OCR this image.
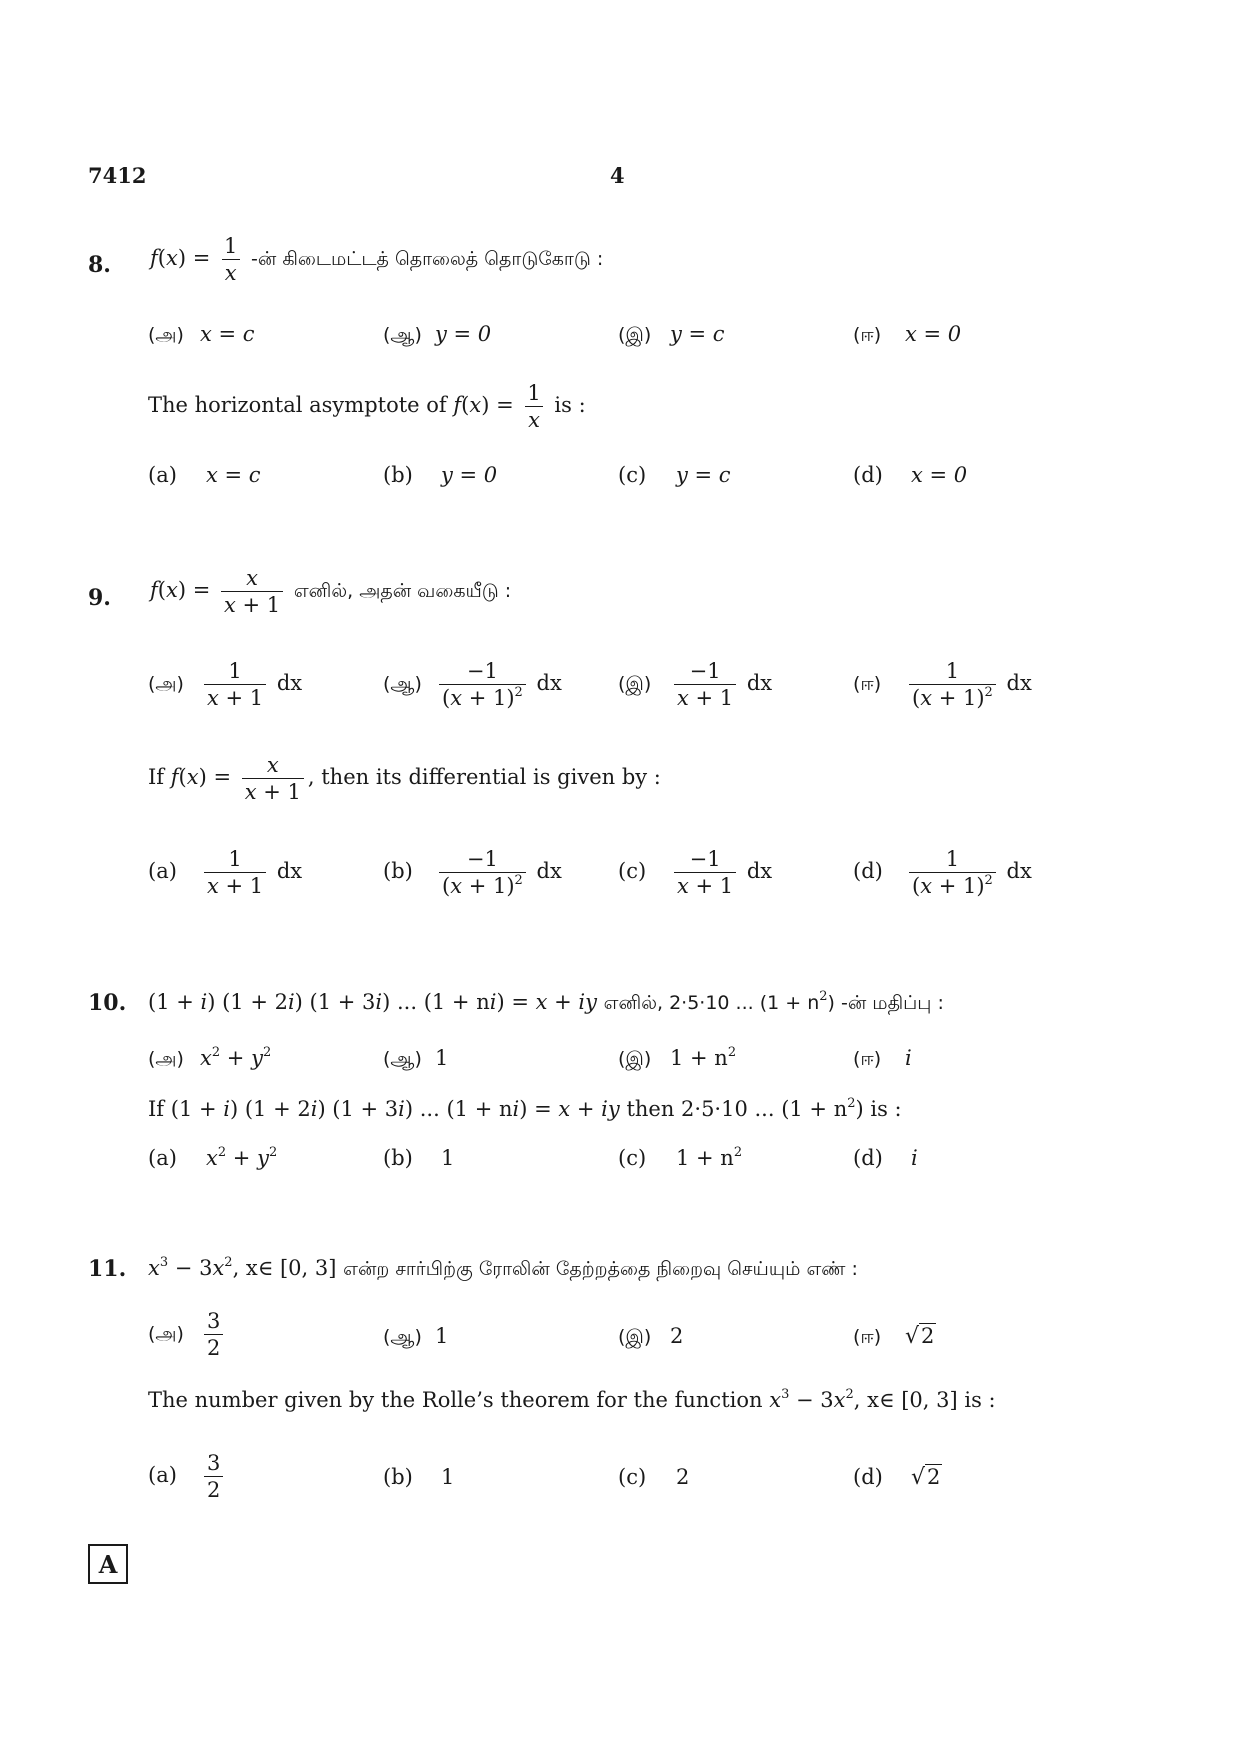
7412	4
8. $f(x) = \frac{1}{x}$ -ன் கிடைமட்டத் தொலைத் தொடுகோடு :
(அ) x = c	(ஆ) y = 0	(இ) y = c	(ஈ) x = 0
The horizontal asymptote of $f(x) = \frac{1}{x}$ is :
(a) x = c	(b) y = 0	(c) y = c	(d) x = 0
9. $f(x) = \frac{x}{x + 1}$ எனில், அதன் வகையீடு :
(அ) $\frac{1}{x + 1}$ dx	(ஆ) $\frac{-1}{(x + 1)^2}$ dx	(இ) $\frac{-1}{x + 1}$ dx	(ஈ) $\frac{1}{(x + 1)^2}$ dx
If $f(x) = \frac{x}{x + 1}$ , then its differential is given by :
$(a) \frac{1}{x + 1}$ dx	$(b) \frac{-1}{(x + 1)^2}$ dx	$(c) \frac{-1}{x + 1}$ dx	$(d) \frac{1}{(x + 1)^2}$ dx
10. (1 + i) (1 + 2i) (1 + 3i) ... (1 + ni) = x + iy எனில், 2·5·10 ... $(1 + n^2)$ -ன் மதிப்பு :
(அ) $x^2 + y^2$	(ஆ) 1	(இ) $1 + n^2$	(ஈ) i
If (1 + i) (1 + 2i) (1 + 3i) ... (1 + ni) = x + iy then 2·5·10 ... $(1 + n^2)$ is :
(a) $x^2 + y^2$	(b) 1	(c) $1 + n^2$	(d) i
11. $x^3 - 3x^2$, x∈ [0, 3] என்ற சார்பிற்கு ரோலின் தேற்றத்தை நிறைவு செய்யும் எண் :
(அ) $\frac{3}{2}$	(ஆ) 1	(இ) 2	(ஈ) √2
The number given by the Rolle’s theorem for the function $x^3 - 3x^2$, x∈ [0, 3] is :
$(a) \frac{3}{2}$	(b) 1	(c) 2	(d) √2
A
